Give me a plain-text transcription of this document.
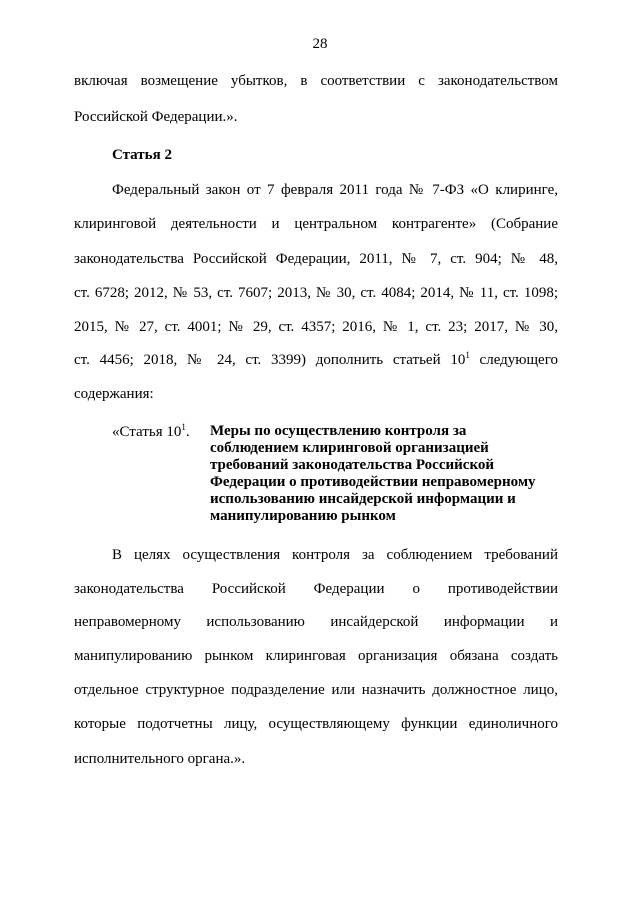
28
включая возмещение убытков, в соответствии с законодательством
Российской Федерации.».
Статья 2
Федеральный закон от 7 февраля 2011 года № 7-ФЗ «О клиринге,
клиринговой деятельности и центральном контрагенте» (Собрание
законодательства Российской Федерации, 2011, № 7, ст. 904; № 48,
ст. 6728; 2012, № 53, ст. 7607; 2013, № 30, ст. 4084; 2014, № 11, ст. 1098;
2015, № 27, ст. 4001; № 29, ст. 4357; 2016, № 1, ст. 23; 2017, № 30,
ст. 4456; 2018, № 24, ст. 3399) дополнить статьей $10^1$ следующего
содержания:
«Статья $10^1$. Меры по осуществлению контроля за
соблюдением клиринговой организацией
требований законодательства Российской
Федерации о противодействии неправомерному
использованию инсайдерской информации и
манипулированию рынком
В целях осуществления контроля за соблюдением требований
законодательства Российской Федерации о противодействии
неправомерному использованию инсайдерской информации и
манипулированию рынком клиринговая организация обязана создать
отдельное структурное подразделение или назначить должностное лицо,
которые подотчетны лицу, осуществляющему функции единоличного
исполнительного органа.».
